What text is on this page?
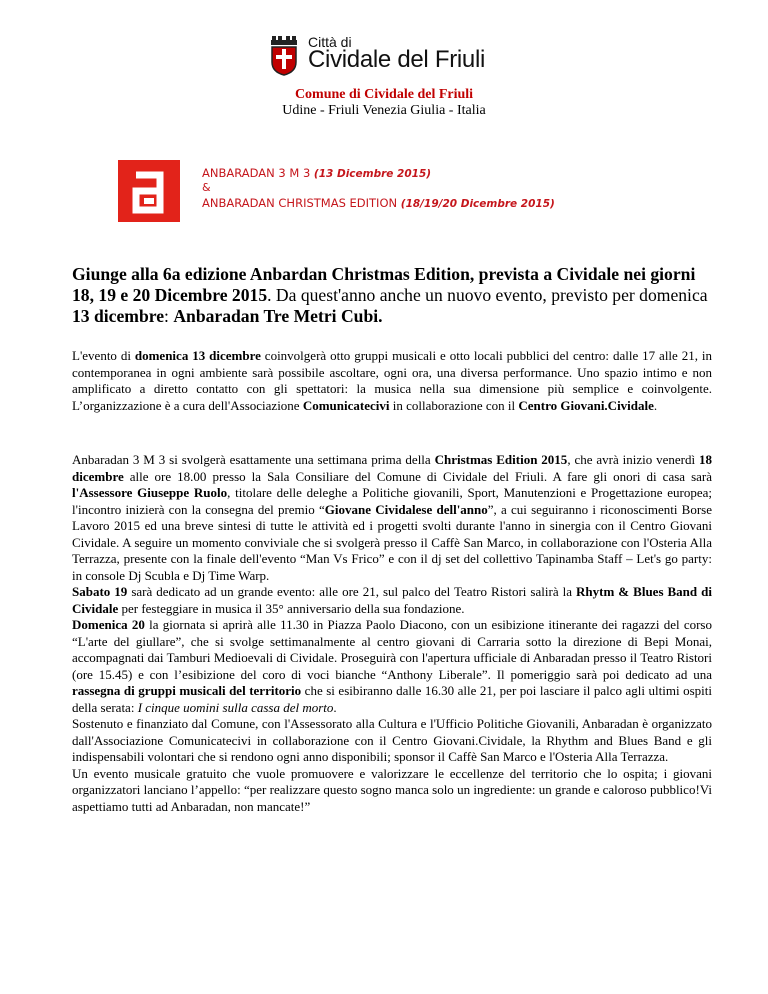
Città di
Cividale del Friuli
Comune di Cividale del Friuli
Udine - Friuli Venezia Giulia - Italia
ANBARADAN 3 M 3 (13 Dicembre 2015)
&
ANBARADAN CHRISTMAS EDITION (18/19/20 Dicembre 2015)
Giunge alla 6a edizione Anbardan Christmas Edition, prevista a Cividale nei giorni 18, 19 e 20 Dicembre 2015. Da quest'anno anche un nuovo evento, previsto per domenica 13 dicembre: Anbaradan Tre Metri Cubi.

L'evento di domenica 13 dicembre coinvolgerà otto gruppi musicali e otto locali pubblici del centro: dalle 17 alle 21, in contemporanea in ogni ambiente sarà possibile ascoltare, ogni ora, una diversa performance. Uno spazio intimo e non amplificato a diretto contatto con gli spettatori: la musica nella sua dimensione più semplice e coinvolgente. L’organizzazione è a cura dell'Associazione Comunicatecivi in collaborazione con il Centro Giovani.Cividale.

Anbaradan 3 M 3 si svolgerà esattamente una settimana prima della Christmas Edition 2015, che avrà inizio venerdì 18 dicembre alle ore 18.00 presso la Sala Consiliare del Comune di Cividale del Friuli. A fare gli onori di casa sarà l'Assessore Giuseppe Ruolo, titolare delle deleghe a Politiche giovanili, Sport, Manutenzioni e Progettazione europea; l'incontro inizierà con la consegna del premio “Giovane Cividalese dell'anno”, a cui seguiranno i riconoscimenti Borse Lavoro 2015 ed una breve sintesi di tutte le attività ed i progetti svolti durante l'anno in sinergia con il Centro Giovani Cividale. A seguire un momento conviviale che si svolgerà presso il Caffè San Marco, in collaborazione con l'Osteria Alla Terrazza, presente con la finale dell'evento “Man Vs Frico” e con il dj set del collettivo Tapinamba Staff – Let's go party: in console Dj Scubla e Dj Time Warp.

Sabato 19 sarà dedicato ad un grande evento: alle ore 21, sul palco del Teatro Ristori salirà la Rhytm & Blues Band di Cividale per festeggiare in musica il 35° anniversario della sua fondazione.

Domenica 20 la giornata si aprirà alle 11.30 in Piazza Paolo Diacono, con un esibizione itinerante dei ragazzi del corso “L'arte del giullare”, che si svolge settimanalmente al centro giovani di Carraria sotto la direzione di Bepi Monai, accompagnati dai Tamburi Medioevali di Cividale. Proseguirà con l'apertura ufficiale di Anbaradan presso il Teatro Ristori (ore 15.45) e con l’esibizione del coro di voci bianche “Anthony Liberale”. Il pomeriggio sarà poi dedicato ad una rassegna di gruppi musicali del territorio che si esibiranno dalle 16.30 alle 21, per poi lasciare il palco agli ultimi ospiti della serata: I cinque uomini sulla cassa del morto.

Sostenuto e finanziato dal Comune, con l'Assessorato alla Cultura e l'Ufficio Politiche Giovanili, Anbaradan è organizzato dall'Associazione Comunicatecivi in collaborazione con il Centro Giovani.Cividale, la Rhythm and Blues Band e gli indispensabili volontari che si rendono ogni anno disponibili; sponsor il Caffè San Marco e l'Osteria Alla Terrazza.

Un evento musicale gratuito che vuole promuovere e valorizzare le eccellenze del territorio che lo ospita; i giovani organizzatori lanciano l’appello: “per realizzare questo sogno manca solo un ingrediente: un grande e caloroso pubblico!Vi aspettiamo tutti ad Anbaradan, non mancate!”
